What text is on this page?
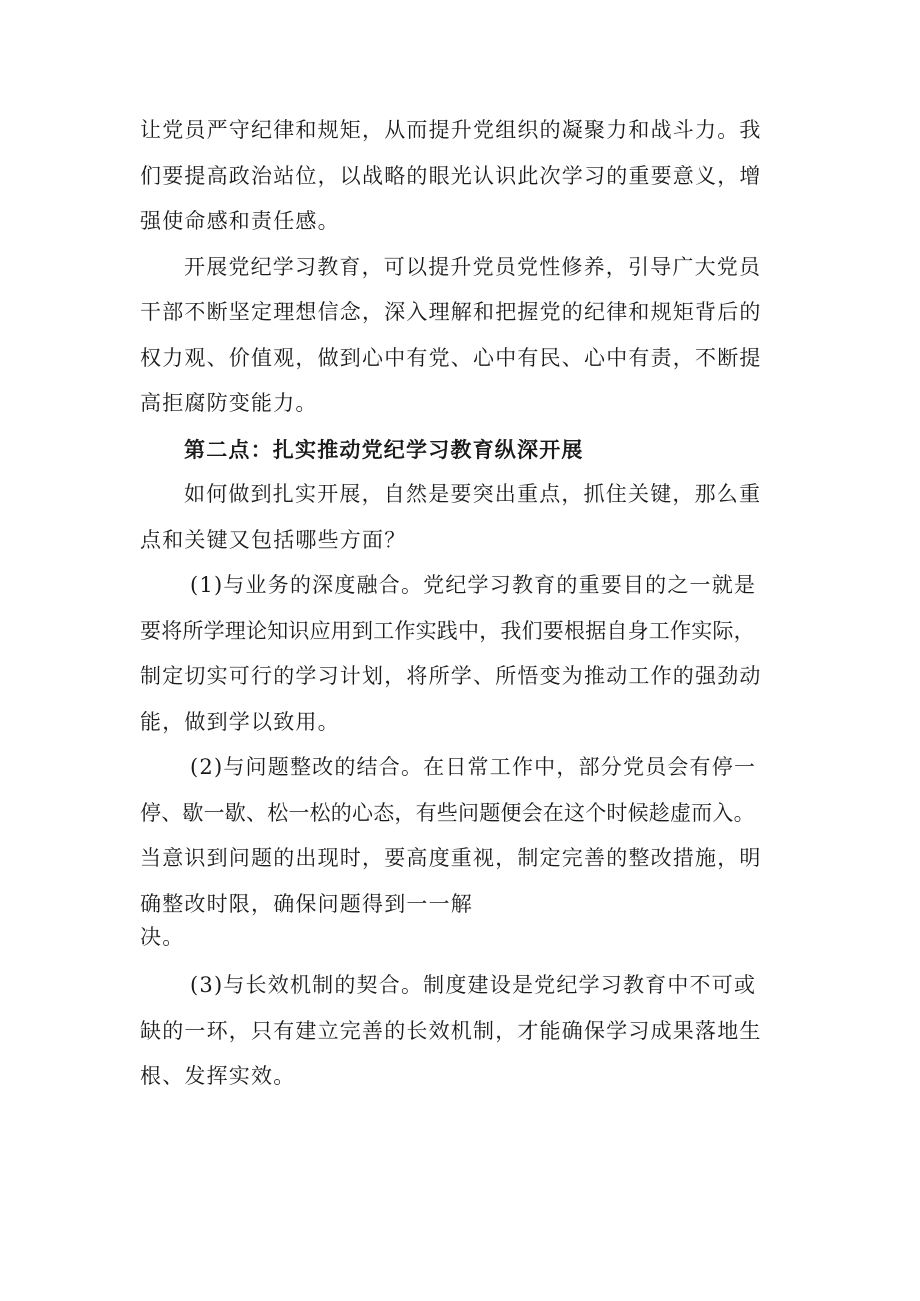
让党员严守纪律和规矩，从而提升党组织的凝聚力和战斗力。我
们要提高政治站位，以战略的眼光认识此次学习的重要意义，增
强使命感和责任感。

开展党纪学习教育，可以提升党员党性修养，引导广大党员
干部不断坚定理想信念，深入理解和把握党的纪律和规矩背后的
权力观、价值观，做到心中有党、心中有民、心中有责，不断提
高拒腐防变能力。

第二点：扎实推动党纪学习教育纵深开展

如何做到扎实开展，自然是要突出重点，抓住关键，那么重
点和关键又包括哪些方面？

(1)与业务的深度融合。党纪学习教育的重要目的之一就是
要将所学理论知识应用到工作实践中，我们要根据自身工作实际，
制定切实可行的学习计划，将所学、所悟变为推动工作的强劲动
能，做到学以致用。

(2)与问题整改的结合。在日常工作中，部分党员会有停一
停、歇一歇、松一松的心态，有些问题便会在这个时候趁虚而入。
当意识到问题的出现时，要高度重视，制定完善的整改措施，明
确整改时限，确保问题得到一一解
决。

(3)与长效机制的契合。制度建设是党纪学习教育中不可或
缺的一环，只有建立完善的长效机制，才能确保学习成果落地生
根、发挥实效。
